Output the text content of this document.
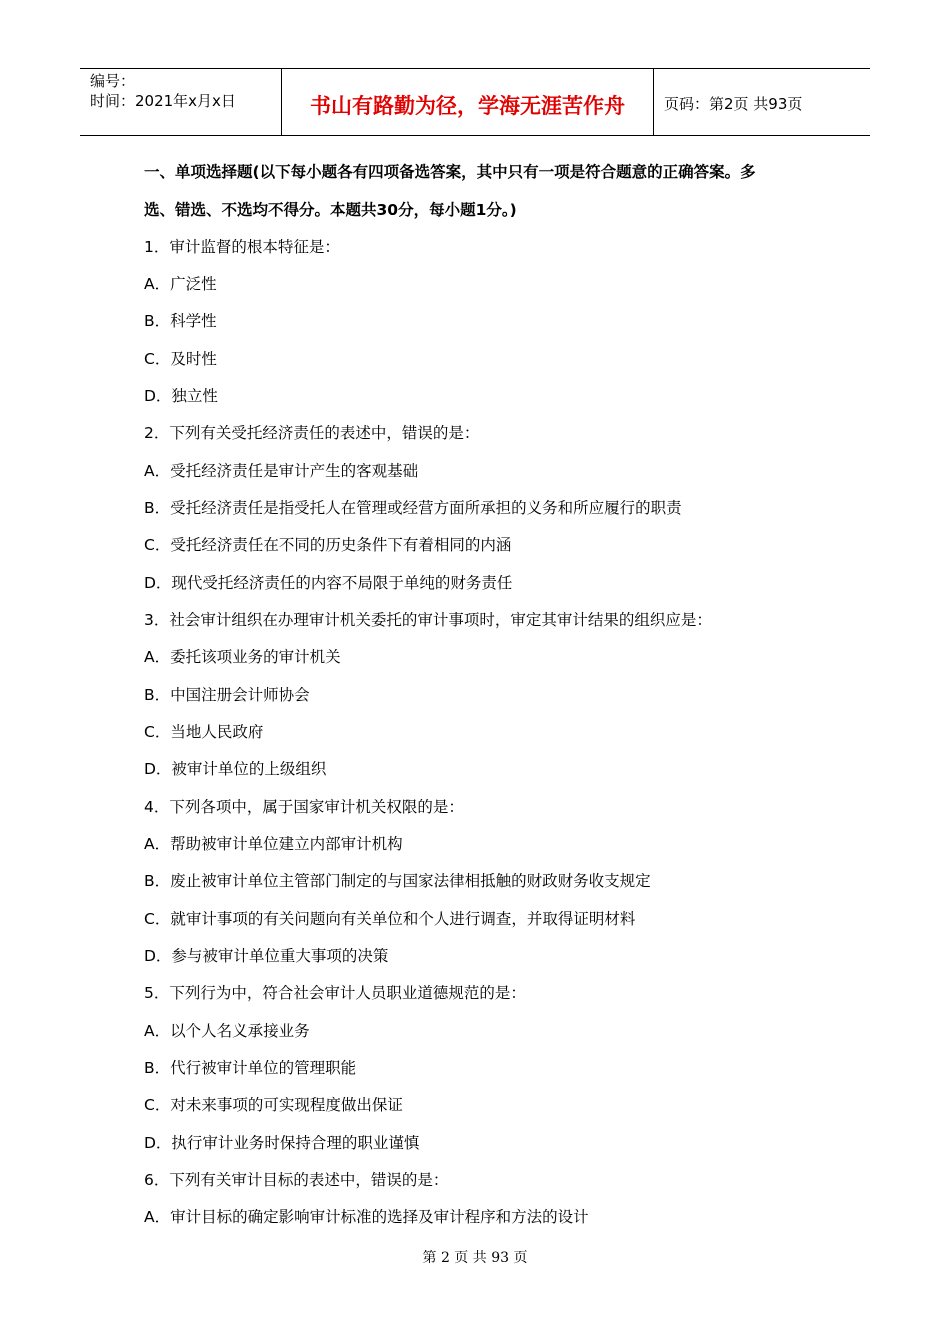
编号：
时间：2021年x月x日	书山有路勤为径，学海无涯苦作舟	页码：第2页 共93页
一、单项选择题(以下每小题各有四项备选答案，其中只有一项是符合题意的正确答案。多
选、错选、不选均不得分。本题共30分，每小题1分。)
1．审计监督的根本特征是：
A．广泛性
B．科学性
C．及时性
D．独立性
2．下列有关受托经济责任的表述中，错误的是：
A．受托经济责任是审计产生的客观基础
B．受托经济责任是指受托人在管理或经营方面所承担的义务和所应履行的职责
C．受托经济责任在不同的历史条件下有着相同的内涵
D．现代受托经济责任的内容不局限于单纯的财务责任
3．社会审计组织在办理审计机关委托的审计事项时，审定其审计结果的组织应是：
A．委托该项业务的审计机关
B．中国注册会计师协会
C．当地人民政府
D．被审计单位的上级组织
4．下列各项中，属于国家审计机关权限的是：
A．帮助被审计单位建立内部审计机构
B．废止被审计单位主管部门制定的与国家法律相抵触的财政财务收支规定
C．就审计事项的有关问题向有关单位和个人进行调查，并取得证明材料
D．参与被审计单位重大事项的决策
5．下列行为中，符合社会审计人员职业道德规范的是：
A．以个人名义承接业务
B．代行被审计单位的管理职能
C．对未来事项的可实现程度做出保证
D．执行审计业务时保持合理的职业谨慎
6．下列有关审计目标的表述中，错误的是：
A．审计目标的确定影响审计标准的选择及审计程序和方法的设计
第 2 页 共 93 页
